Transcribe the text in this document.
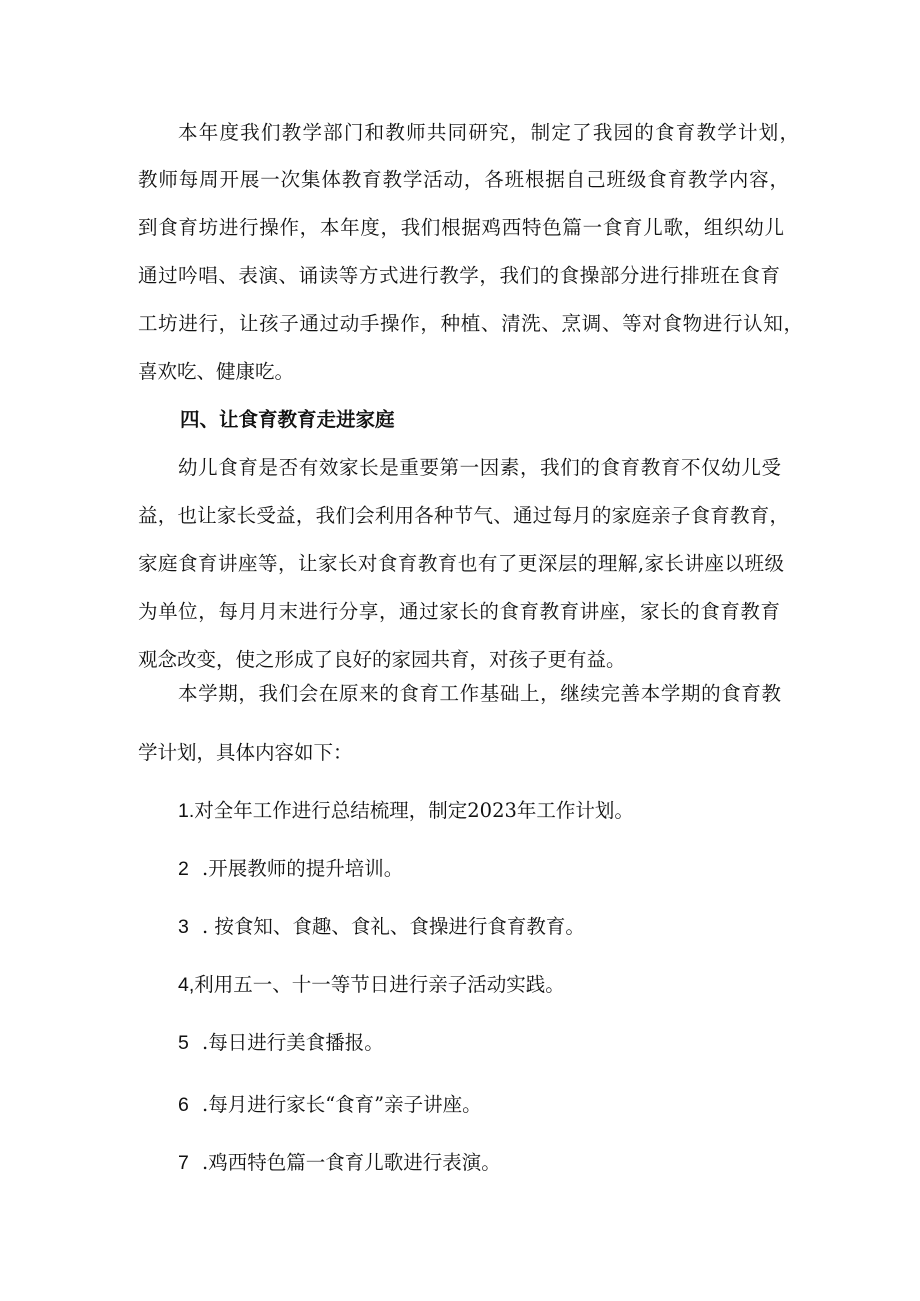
本年度我们教学部门和教师共同研究，制定了我园的食育教学计划，
教师每周开展一次集体教育教学活动，各班根据自己班级食育教学内容，
到食育坊进行操作，本年度，我们根据鸡西特色篇一食育儿歌，组织幼儿
通过吟唱、表演、诵读等方式进行教学，我们的食操部分进行排班在食育
工坊进行，让孩子通过动手操作，种植、清洗、烹调、等对食物进行认知，
喜欢吃、健康吃。
四、让食育教育走进家庭
幼儿食育是否有效家长是重要第一因素，我们的食育教育不仅幼儿受
益，也让家长受益，我们会利用各种节气、通过每月的家庭亲子食育教育，
家庭食育讲座等，让家长对食育教育也有了更深层的理解,家长讲座以班级
为单位，每月月末进行分享，通过家长的食育教育讲座，家长的食育教育
观念改变，使之形成了良好的家园共育，对孩子更有益。
本学期，我们会在原来的食育工作基础上，继续完善本学期的食育教
学计划，具体内容如下：
1.对全年工作进行总结梳理，制定2023年工作计划。
2 .开展教师的提升培训。
3 . 按食知、食趣、食礼、食操进行食育教育。
4,利用五一、十一等节日进行亲子活动实践。
5 .每日进行美食播报。
6 .每月进行家长“食育”亲子讲座。
7 .鸡西特色篇一食育儿歌进行表演。
